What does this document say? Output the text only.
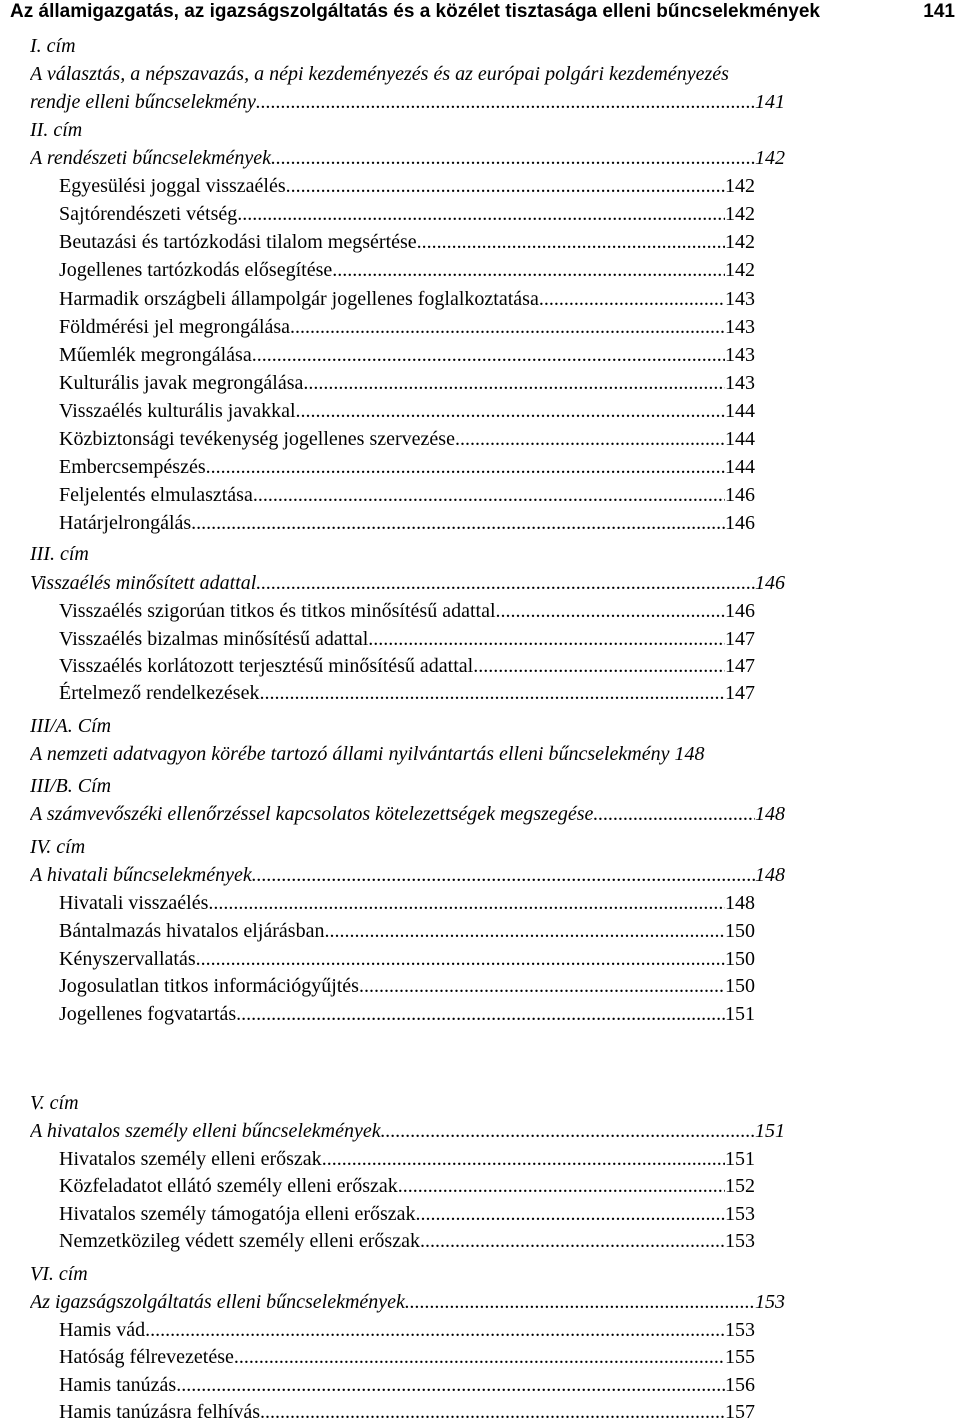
Az államigazgatás, az igazságszolgáltatás és a közélet tisztasága elleni bűncselekmények	141
I. cím
A választás, a népszavazás, a népi kezdeményezés és az európai polgári kezdeményezés
rendje elleni bűncselekmény .....	141
II. cím
A rendészeti bűncselekmények .....	142
Egyesülési joggal visszaélés .....	142
Sajtórendészeti vétség .....	142
Beutazási és tartózkodási tilalom megsértése .....	142
Jogellenes tartózkodás elősegítése .....	142
Harmadik országbeli állampolgár jogellenes foglalkoztatása .....	143
Földmérési jel megrongálása .....	143
Műemlék megrongálása .....	143
Kulturális javak megrongálása .....	143
Visszaélés kulturális javakkal .....	144
Közbiztonsági tevékenység jogellenes szervezése .....	144
Embercsempészés .....	144
Feljelentés elmulasztása .....	146
Határjelrongálás .....	146
III. cím
Visszaélés minősített adattal .....	146
Visszaélés szigorúan titkos és titkos minősítésű adattal .....	146
Visszaélés bizalmas minősítésű adattal .....	147
Visszaélés korlátozott terjesztésű minősítésű adattal .....	147
Értelmező rendelkezések .....	147
III/A. Cím
A nemzeti adatvagyon körébe tartozó állami nyilvántartás elleni bűncselekmény 148
III/B. Cím
A számvevőszéki ellenőrzéssel kapcsolatos kötelezettségek megszegése .....	148
IV. cím
A hivatali bűncselekmények .....	148
Hivatali visszaélés .....	148
Bántalmazás hivatalos eljárásban .....	150
Kényszervallatás .....	150
Jogosulatlan titkos információgyűjtés .....	150
Jogellenes fogvatartás .....	151
V. cím
A hivatalos személy elleni bűncselekmények .....	151
Hivatalos személy elleni erőszak .....	151
Közfeladatot ellátó személy elleni erőszak .....	152
Hivatalos személy támogatója elleni erőszak .....	153
Nemzetközileg védett személy elleni erőszak .....	153
VI. cím
Az igazságszolgáltatás elleni bűncselekmények .....	153
Hamis vád .....	153
Hatóság félrevezetése .....	155
Hamis tanúzás .....	156
Hamis tanúzásra felhívás .....	157
